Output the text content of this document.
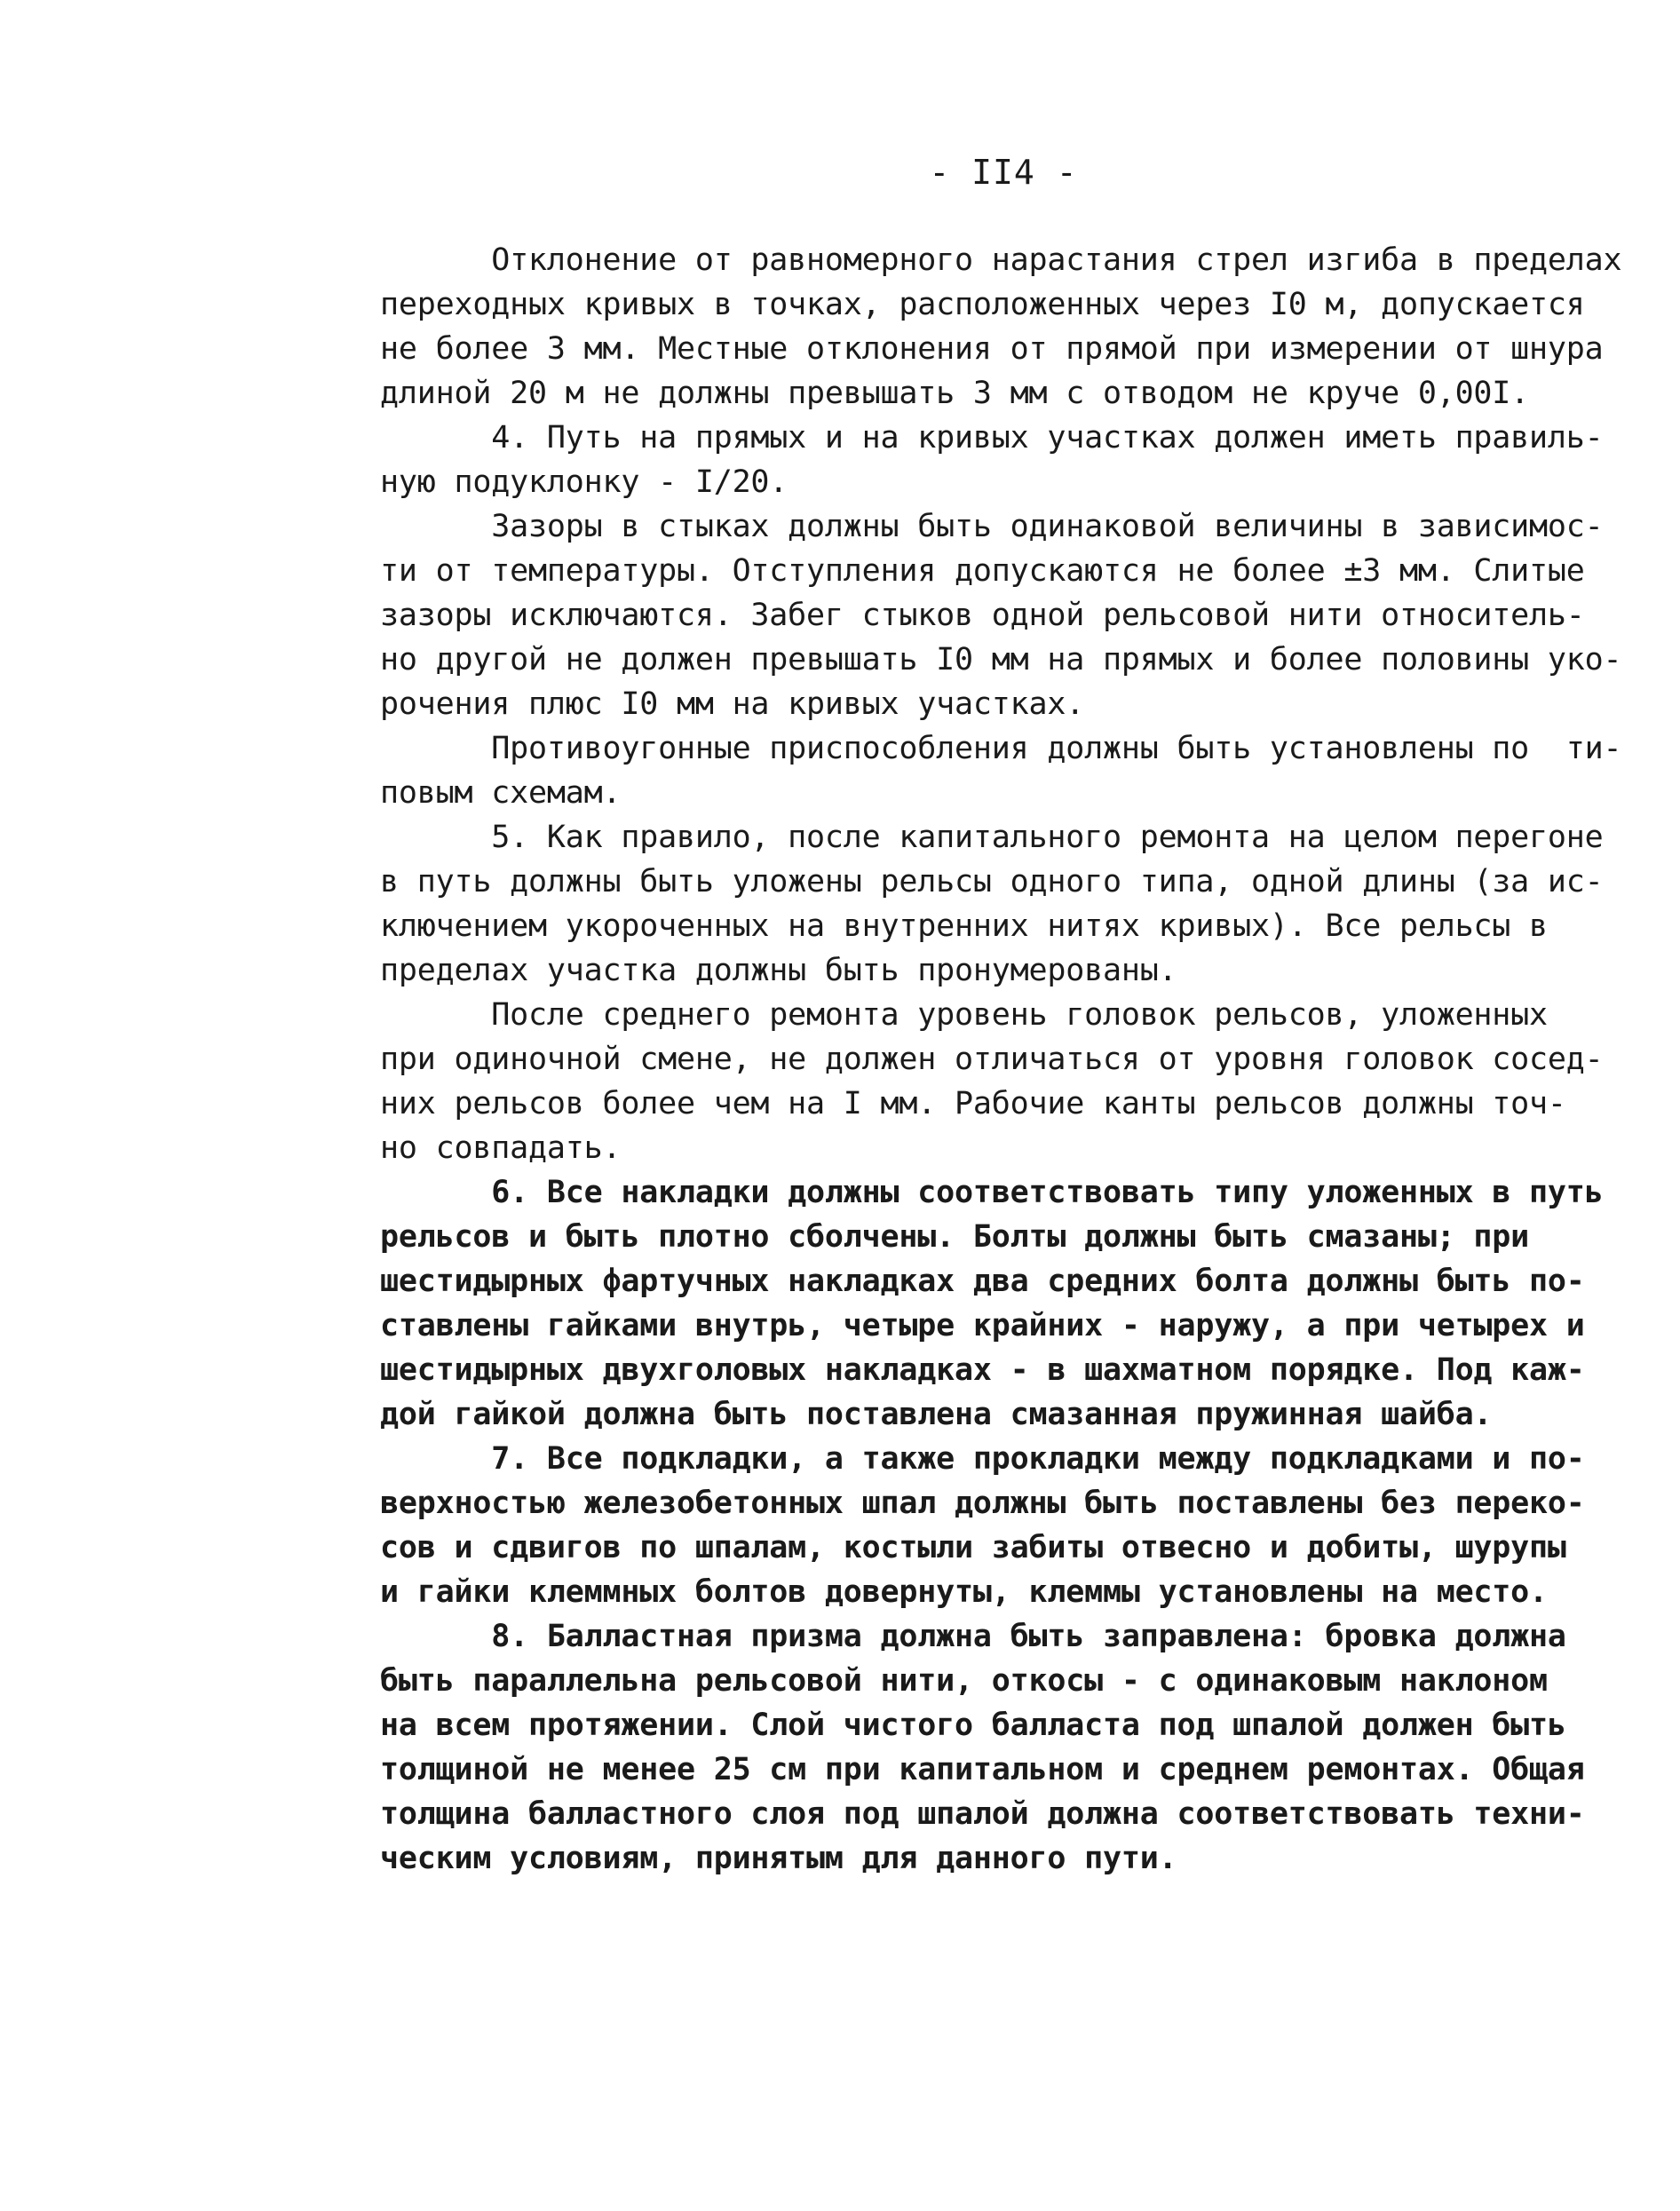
- II4 -
Отклонение от равномерного нарастания стрел изгиба в пределах
переходных кривых в точках, расположенных через I0 м, допускается
не более 3 мм. Местные отклонения от прямой при измерении от шнура
длиной 20 м не должны превышать 3 мм с отводом не круче 0,00I.
4. Путь на прямых и на кривых участках должен иметь правиль-
ную подуклонку - I/20.
Зазоры в стыках должны быть одинаковой величины в зависимос-
ти от температуры. Отступления допускаются не более ±3 мм. Слитые
зазоры исключаются. Забег стыков одной рельсовой нити относитель-
но другой не должен превышать I0 мм на прямых и более половины укo-
рочения плюс I0 мм на кривых участках.
Противоугонные приспособления должны быть установлены по  ти-
повым схемам.
5. Как правило, после капитального ремонта на целом перегоне
в путь должны быть уложены рельсы одного типа, одной длины (за ис-
ключением укороченных на внутренних нитях кривых). Все рельсы в
пределах участка должны быть пронумерованы.
После среднего ремонта уровень головок рельсов, уложенных
при одиночной смене, не должен отличаться от уровня головок сосед-
них рельсов более чем на I мм. Рабочие канты рельсов должны точ-
но совпадать.
6. Все накладки должны соответствовать типу уложенных в путь
рельсов и быть плотно сболчены. Болты должны быть смазаны; при
шестидырных фартучных накладках два средних болта должны быть по-
ставлены гайками внутрь, четыре крайних - наружу, а при четырех и
шестидырных двухголовых накладках - в шахматном порядке. Под каж-
дой гайкой должна быть поставлена смазанная пружинная шайба.
7. Все подкладки, а также прокладки между подкладками и по-
верхностью железобетонных шпал должны быть поставлены без переко-
сов и сдвигов по шпалам, костыли забиты отвесно и добиты, шурупы
и гайки клеммных болтов довернуты, клеммы установлены на место.
8. Балластная призма должна быть заправлена: бровка должна
быть параллельна рельсовой нити, откосы - с одинаковым наклоном
на всем протяжении. Слой чистого балласта под шпалой должен быть
толщиной не менее 25 см при капитальном и среднем ремонтах. Общая
толщина балластного слоя под шпалой должна соответствовать техни-
ческим условиям, принятым для данного пути.
